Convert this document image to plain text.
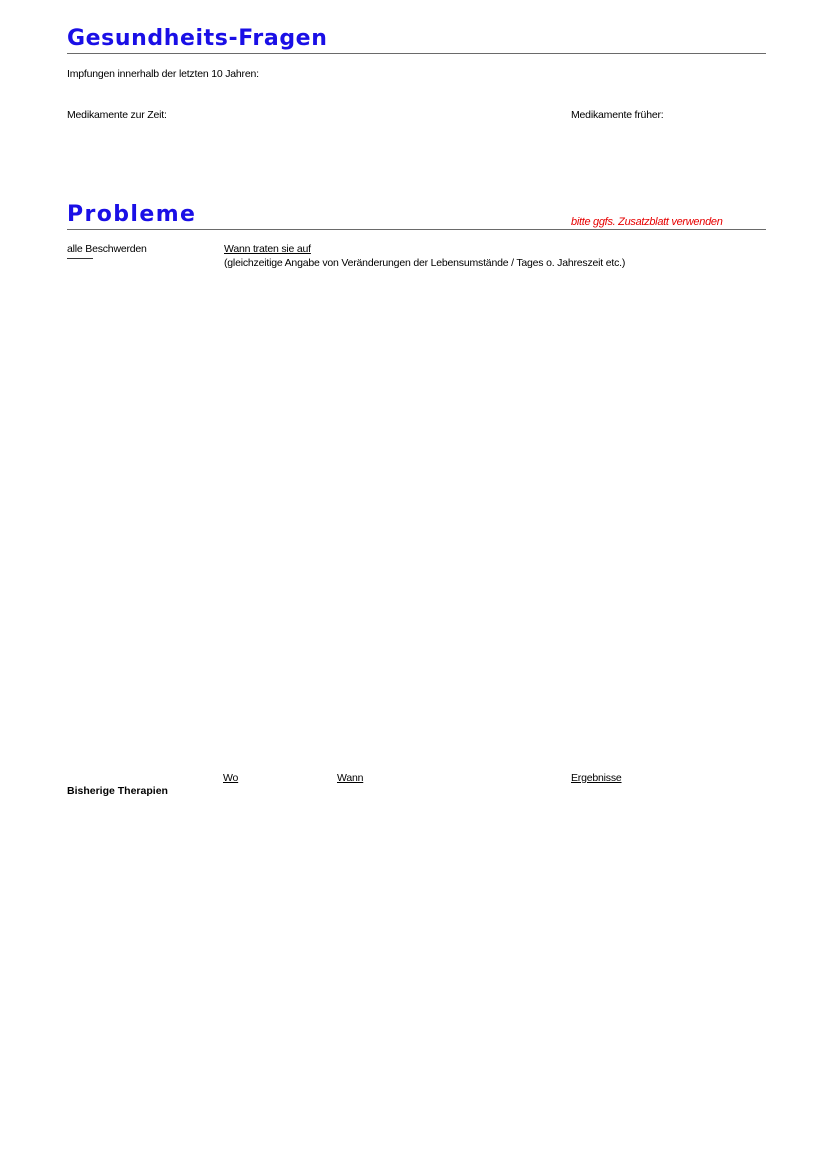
Gesundheits-Fragen
Impfungen innerhalb der letzten 10 Jahren:
Medikamente zur Zeit:	Medikamente früher:
Probleme	bitte ggfs. Zusatzblatt verwenden
alle Beschwerden	Wann traten sie auf
(gleichzeitige Angabe von Veränderungen der Lebensumstände / Tages o. Jahreszeit etc.)
Wo	Wann	Ergebnisse
Bisherige Therapien
